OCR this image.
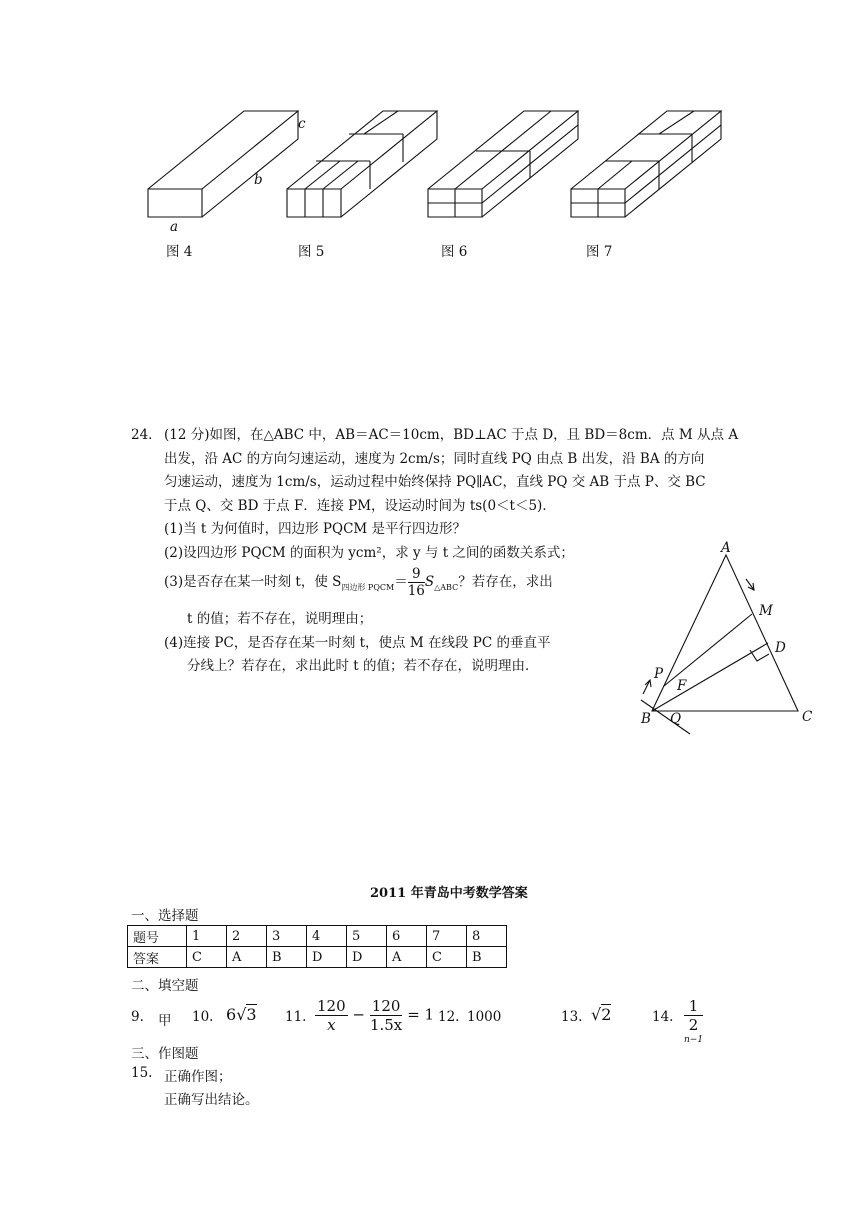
c
b
a
图 4	图 5	图 6	图 7
24． (12 分)如图，在△ABC 中，AB＝AC＝10cm，BD⊥AC 于点 D，且 BD＝8cm．点 M 从点 A
出发，沿 AC 的方向匀速运动，速度为 2cm/s；同时直线 PQ 由点 B 出发，沿 BA 的方向
匀速运动，速度为 1cm/s，运动过程中始终保持 PQ∥AC，直线 PQ 交 AB 于点 P、交 BC
于点 Q、交 BD 于点 F．连接 PM，设运动时间为 ts(0＜t＜5)．
(1)当 t 为何值时，四边形 PQCM 是平行四边形？
(2)设四边形 PQCM 的面积为 ycm²，求 y 与 t 之间的函数关系式；
(3)是否存在某一时刻 t，使 $S_{四边形 PQCM}= \frac{9}{16} S_{\triangle ABC}$？若存在，求出
t 的值；若不存在，说明理由；
(4)连接 PC，是否存在某一时刻 t，使点 M 在线段 PC 的垂直平
分线上？若存在，求出此时 t 的值；若不存在，说明理由．
A
M
D
P
F
B Q	C
2011 年青岛中考数学答案
一、选择题
题号	1	2	3	4	5	6	7	8
答案	C	A	B	D	D	A	C	B
二、填空题
9. 甲 10. 6√3 11. $\frac{120}{x} - \frac{120}{1.5x} = 1$ 12. 1000	13. √2	14. 1
2
$^{n-1}$
三、作图题
15. 正确作图；
正确写出结论。
